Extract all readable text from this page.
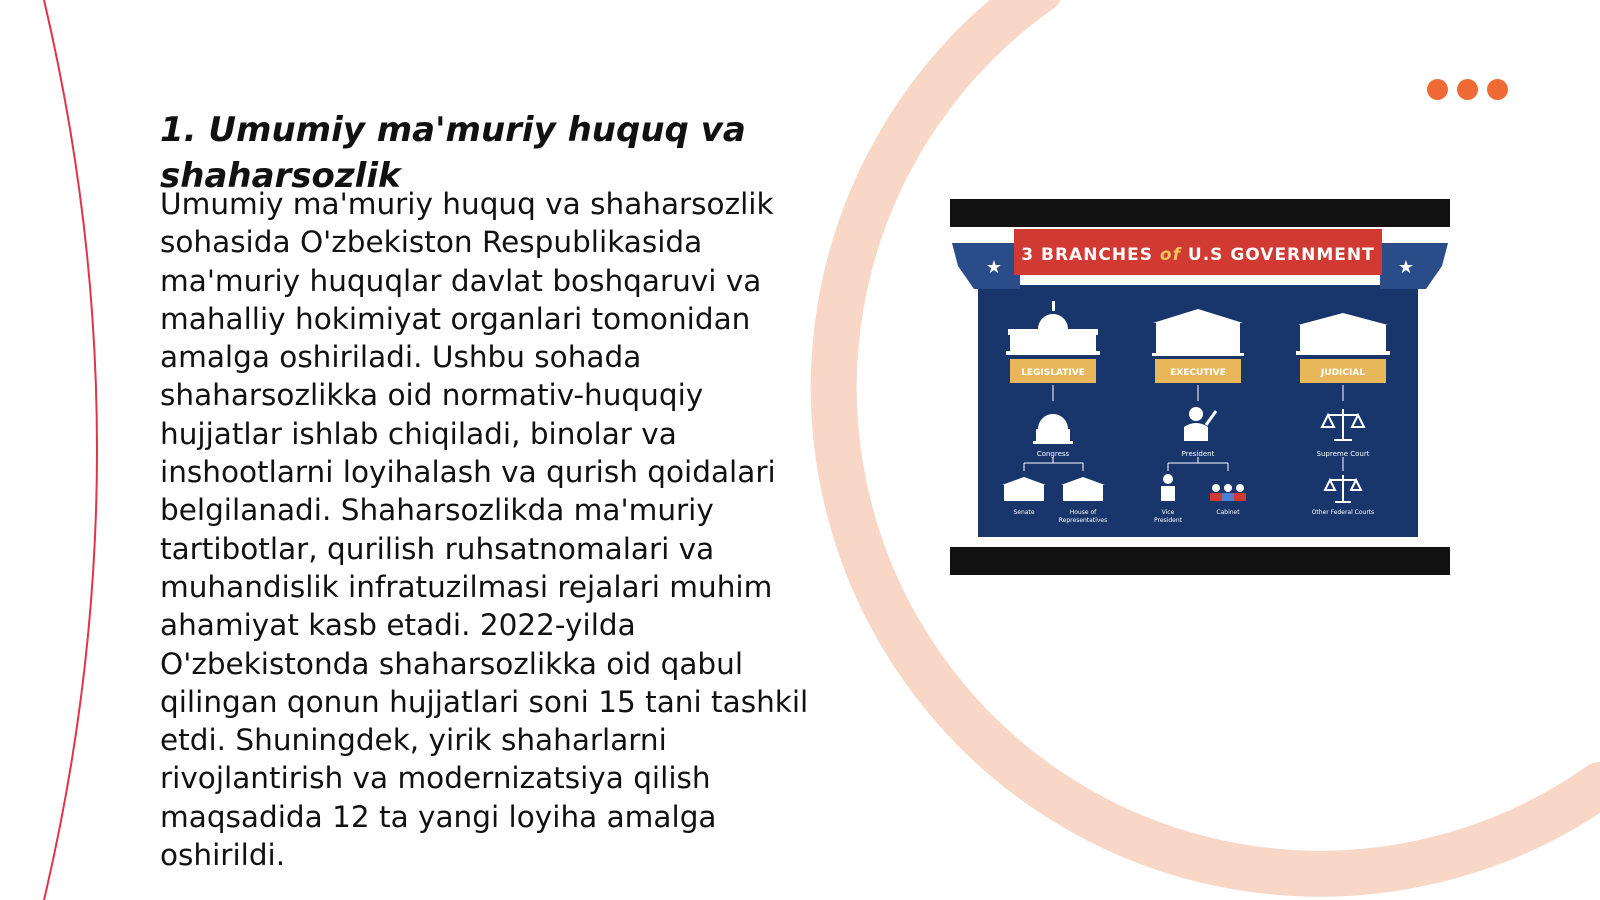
1. Umumiy ma'muriy huquq va shaharsozlik

Umumiy ma'muriy huquq va shaharsozlik sohasida O'zbekiston Respublikasida ma'muriy huquqlar davlat boshqaruvi va mahalliy hokimiyat organlari tomonidan amalga oshiriladi. Ushbu sohada shaharsozlikka oid normativ-huquqiy hujjatlar ishlab chiqiladi, binolar va inshootlarni loyihalash va qurish qoidalari belgilanadi. Shaharsozlikda ma'muriy tartibotlar, qurilish ruhsatnomalari va muhandislik infratuzilmasi rejalari muhim ahamiyat kasb etadi. 2022-yilda O'zbekistonda shaharsozlikka oid qabul qilingan qonun hujjatlari soni 15 tani tashkil etdi. Shuningdek, yirik shaharlarni rivojlantirish va modernizatsiya qilish maqsadida 12 ta yangi loyiha amalga oshirildi.

★	★
3 BRANCHES of U.S GOVERNMENT
LEGISLATIVE	EXECUTIVE	JUDICIAL
Congress	President	Supreme Court
Senate	House of
Representatives
Vice
President
Cabinet	Other Federal Courts
